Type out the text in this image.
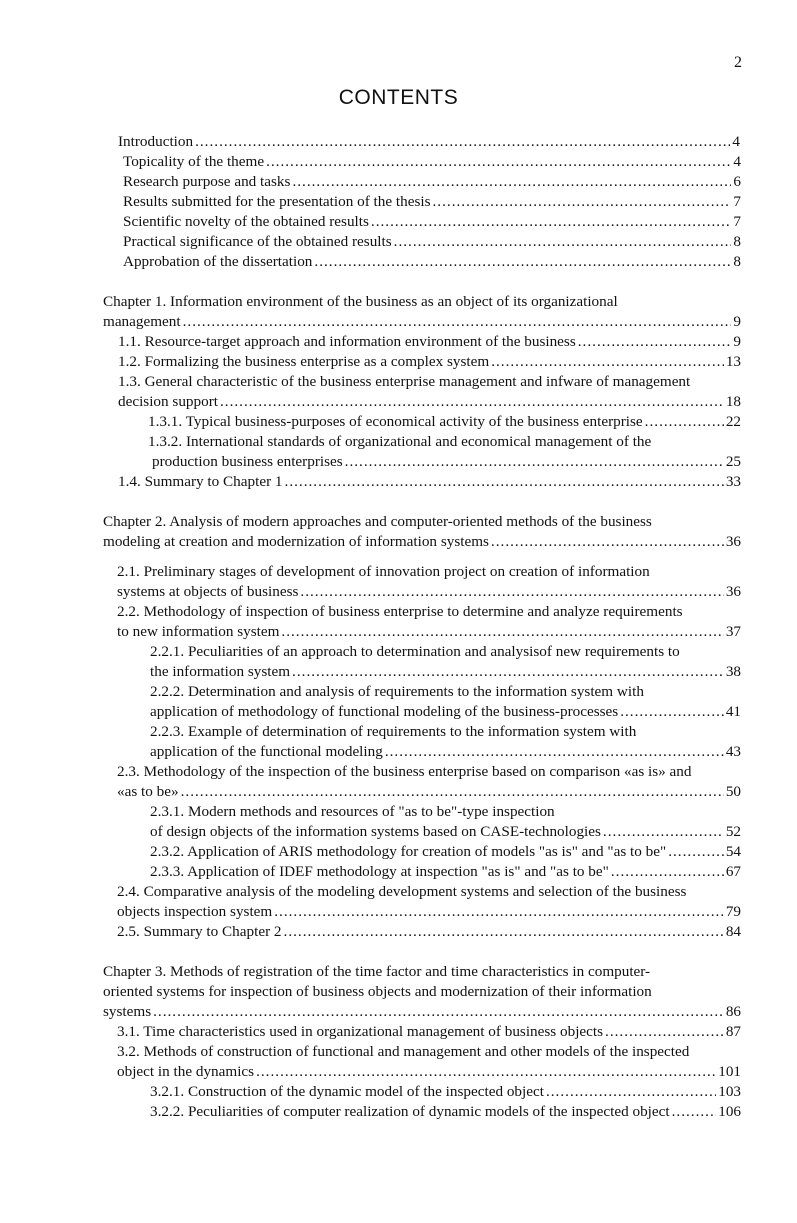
2
CONTENTS
Introduction .....	4
Topicality of the theme .....	4
Research purpose and tasks .....	6
Results submitted for the presentation of the thesis .....	7
Scientific novelty of the obtained results .....	7
Practical significance of the obtained results .....	8
Approbation of the dissertation .....	8
Chapter 1. Information environment of the business as an object of its organizational
management .....	9
1.1. Resource-target approach and information environment of the business .....	9
1.2. Formalizing the business enterprise as a complex system .....	13
1.3. General characteristic of the business enterprise management and infware of management
decision support .....	18
1.3.1. Typical business-purposes of economical activity of the business enterprise .....	22
1.3.2. International standards of organizational and economical management of the
production business enterprises .....	25
1.4. Summary to Chapter 1 .....	33
Chapter 2. Analysis of modern approaches and computer-oriented methods of the business
modeling at creation and modernization of information systems .....	36
2.1. Preliminary stages of development of innovation project on creation of information
systems at objects of business .....	36
2.2. Methodology of inspection of business enterprise to determine and analyze requirements
to new information system .....	37
2.2.1. Peculiarities of an approach to determination and analysisof new requirements to
the information system .....	38
2.2.2. Determination and analysis of requirements to the information system with
application of methodology of functional modeling of the business-processes .....	41
2.2.3. Example of determination of requirements to the information system with
application of the functional modeling .....	43
2.3. Methodology of the inspection of the business enterprise based on comparison «as is» and
«as to be» .....	50
2.3.1. Modern methods and resources of "as to be"-type inspection
of design objects of the information systems based on CASE-technologies .....	52
2.3.2. Application of ARIS methodology for creation of models "as is" and "as to be" .....	54
2.3.3. Application of IDEF methodology at inspection "as is" and "as to be" .....	67
2.4. Comparative analysis of the modeling development systems and selection of the business
objects inspection system .....	79
2.5. Summary to Chapter 2 .....	84
Chapter 3. Methods of registration of the time factor and time characteristics in computer-
oriented systems for inspection of business objects and modernization of their information
systems .....	86
3.1. Time characteristics used in organizational management of business objects .....	87
3.2. Methods of construction of functional and management and other models of the inspected
object in the dynamics .....	101
3.2.1. Construction of the dynamic model of the inspected object .....	103
3.2.2. Peculiarities of computer realization of dynamic models of the inspected object .....	106
